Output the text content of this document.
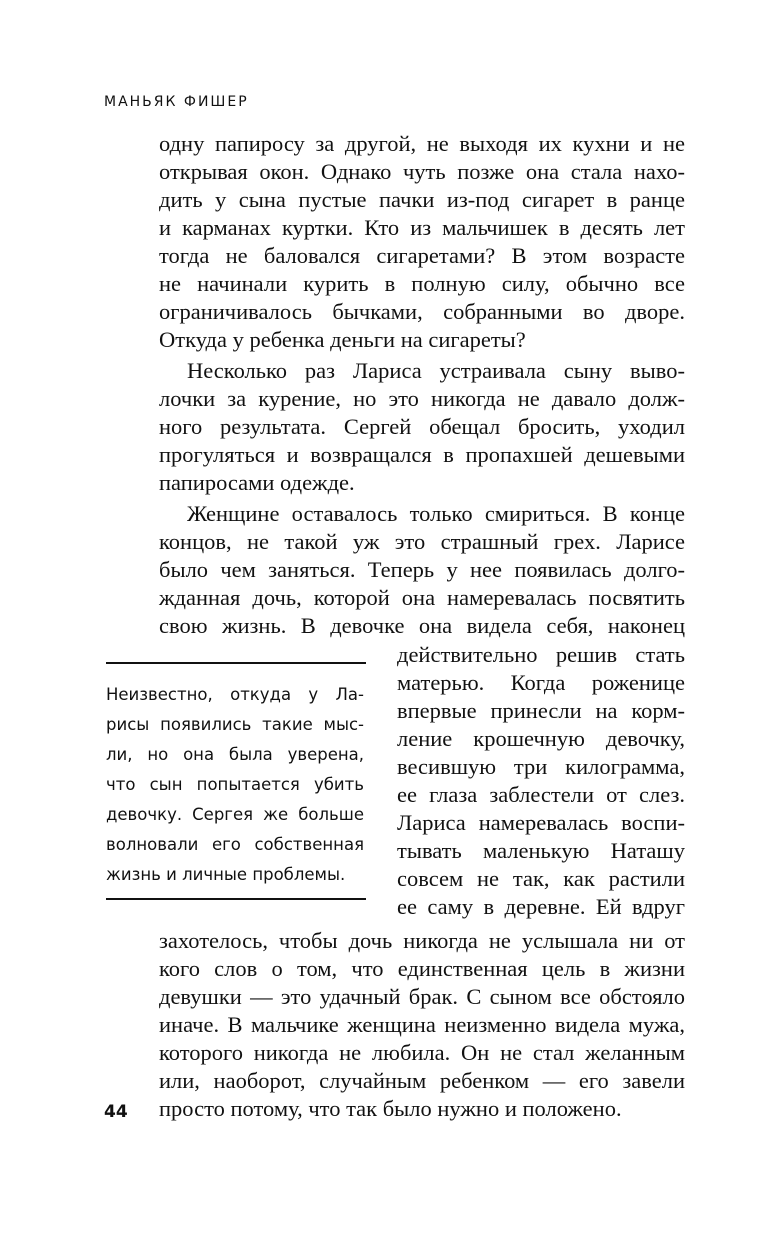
МАНЬЯК ФИШЕР
одну папиросу за другой, не выходя их кухни и не
открывая окон. Однако чуть позже она стала нахо-
дить у сына пустые пачки из-под сигарет в ранце
и карманах куртки. Кто из мальчишек в десять лет
тогда не баловался сигаретами? В этом возрасте
не начинали курить в полную силу, обычно все
ограничивалось бычками, собранными во дворе.
Откуда у ребенка деньги на сигареты?
Несколько раз Лариса устраивала сыну выво-
лочки за курение, но это никогда не давало долж-
ного результата. Сергей обещал бросить, уходил
прогуляться и возвращался в пропахшей дешевыми
папиросами одежде.
Женщине оставалось только смириться. В конце
концов, не такой уж это страшный грех. Ларисе
было чем заняться. Теперь у нее появилась долго-
жданная дочь, которой она намеревалась посвятить
свою жизнь. В девочке она видела себя, наконец
действительно решив стать
матерью. Когда роженице
впервые принесли на корм-
ление крошечную девочку,
весившую три килограмма,
ее глаза заблестели от слез.
Лариса намеревалась воспи-
тывать маленькую Наташу
совсем не так, как растили
ее саму в деревне. Ей вдруг
Неизвестно, откуда у Ла-
рисы появились такие мыс-
ли, но она была уверена,
что сын попытается убить
девочку. Сергея же больше
волновали его собственная
жизнь и личные проблемы.
захотелось, чтобы дочь никогда не услышала ни от
кого слов о том, что единственная цель в жизни
девушки — это удачный брак. С сыном все обстояло
иначе. В мальчике женщина неизменно видела мужа,
которого никогда не любила. Он не стал желанным
или, наоборот, случайным ребенком — его завели
просто потому, что так было нужно и положено.
44
